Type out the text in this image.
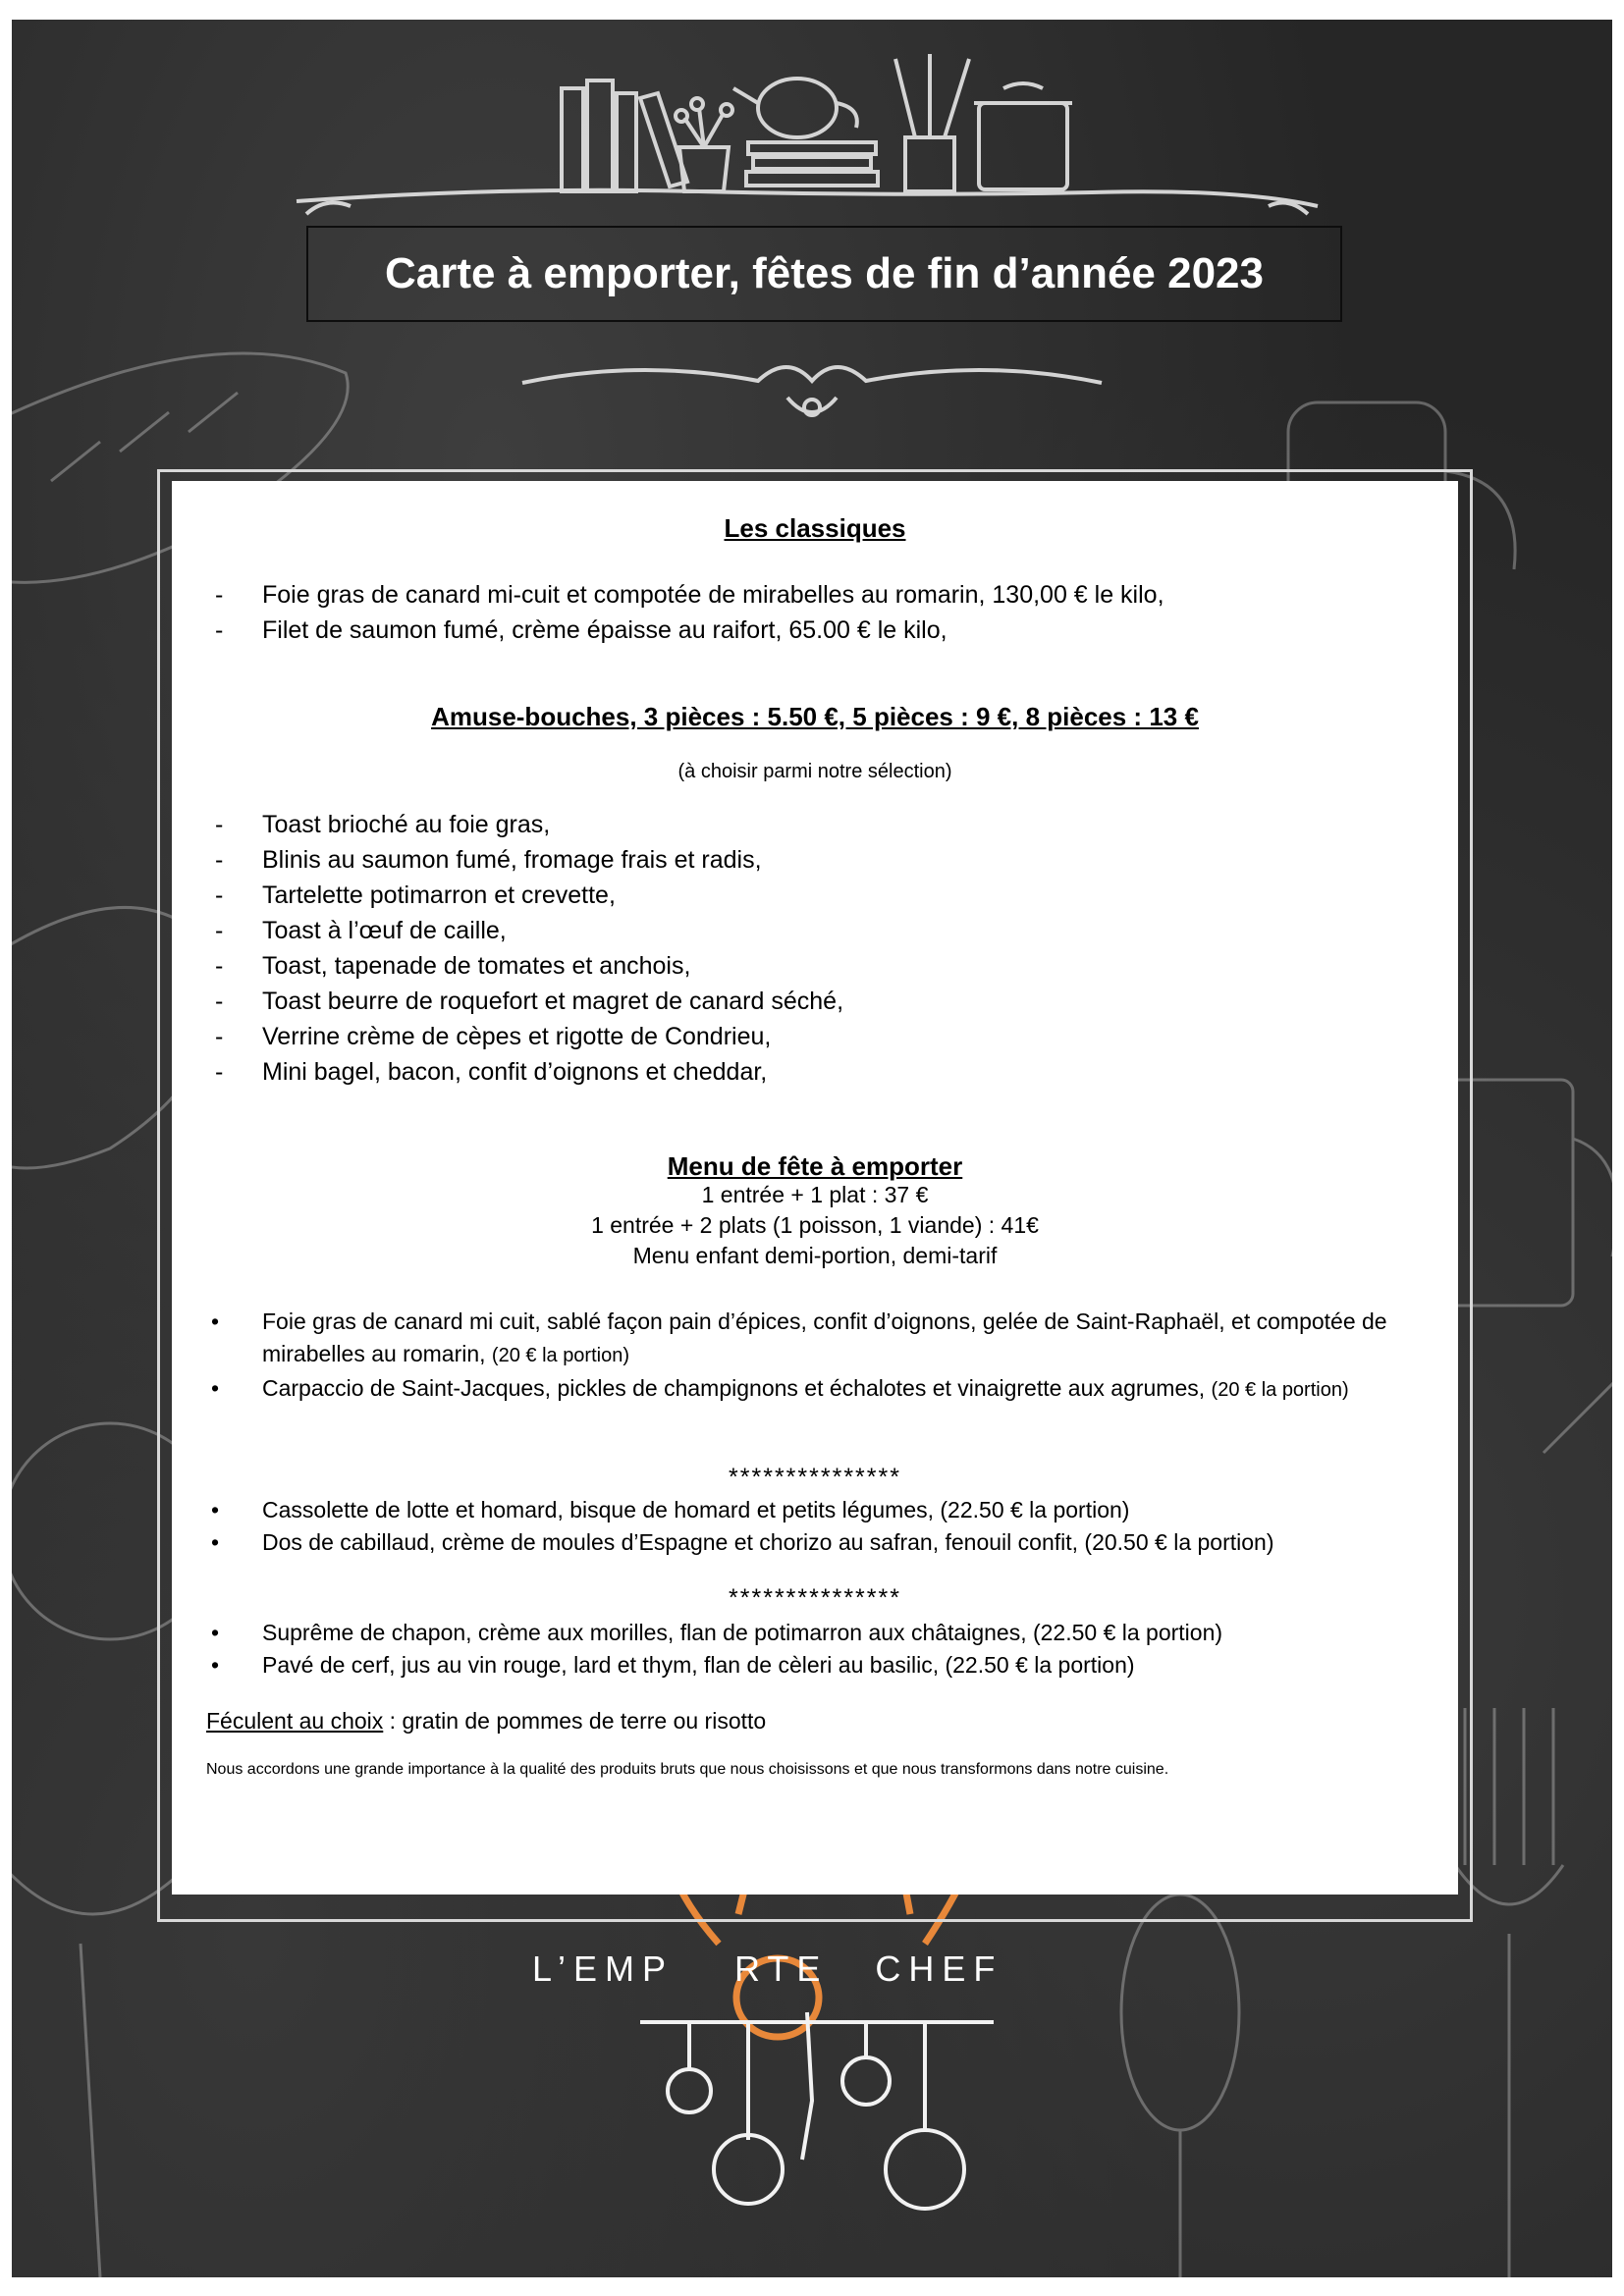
Carte à emporter, fêtes de fin d’année 2023
Les classiques
- Foie gras de canard mi-cuit et compotée de mirabelles au romarin, 130,00 € le kilo,
- Filet de saumon fumé, crème épaisse au raifort, 65.00 € le kilo,
Amuse-bouches, 3 pièces : 5.50 €, 5 pièces : 9 €, 8 pièces : 13 €
(à choisir parmi notre sélection)
- Toast brioché au foie gras,
- Blinis au saumon fumé, fromage frais et radis,
- Tartelette potimarron et crevette,
- Toast à l’œuf de caille,
- Toast, tapenade de tomates et anchois,
- Toast beurre de roquefort et magret de canard séché,
- Verrine crème de cèpes et rigotte de Condrieu,
- Mini bagel, bacon, confit d’oignons et cheddar,
Menu de fête à emporter
1 entrée + 1 plat : 37 €
1 entrée + 2 plats (1 poisson, 1 viande) : 41€
Menu enfant demi-portion, demi-tarif
• Foie gras de canard mi cuit, sablé façon pain d’épices, confit d’oignons, gelée de Saint-Raphaël, et compotée de mirabelles au romarin, (20 € la portion)
• Carpaccio de Saint-Jacques, pickles de champignons et échalotes et vinaigrette aux agrumes, (20 € la portion)
***************
• Cassolette de lotte et homard, bisque de homard et petits légumes, (22.50 € la portion)
• Dos de cabillaud, crème de moules d’Espagne et chorizo au safran, fenouil confit, (20.50 € la portion)
***************
• Suprême de chapon, crème aux morilles, flan de potimarron aux châtaignes, (22.50 € la portion)
• Pavé de cerf, jus au vin rouge, lard et thym, flan de cèleri au basilic, (22.50 € la portion)
Féculent au choix : gratin de pommes de terre ou risotto
Nous accordons une grande importance à la qualité des produits bruts que nous choisissons et que nous transformons dans notre cuisine.
L’EMP RTE CHEF
